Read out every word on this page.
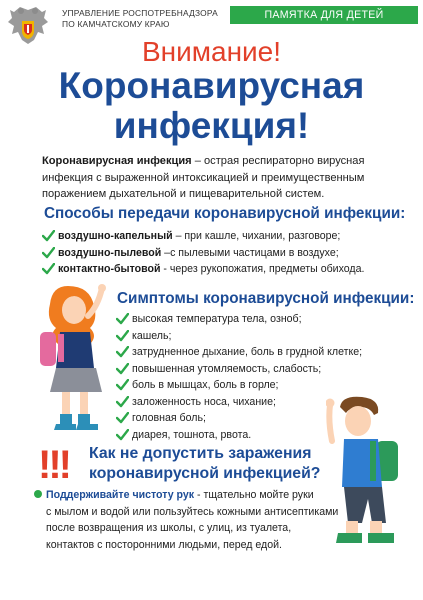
УПРАВЛЕНИЕ РОСПОТРЕБНАДЗОРА
ПО КАМЧАТСКОМУ КРАЮ
ПАМЯТКА ДЛЯ ДЕТЕЙ
Внимание!
Коронавирусная
инфекция!
Коронавирусная инфекция – острая респираторно вирусная
инфекция с выраженной интоксикацией и преимущественным
поражением дыхательной и пищеварительной систем.
Способы передачи коронавирусной инфекции:
воздушно-капельный – при кашле, чихании, разговоре;
воздушно-пылевой –с пылевыми частицами в воздухе;
контактно-бытовой - через рукопожатия, предметы обихода.
Симптомы коронавирусной инфекции:
высокая температура тела, озноб;
кашель;
затрудненное дыхание, боль в грудной клетке;
повышенная утомляемость, слабость;
боль в мышцах, боль в горле;
заложенность носа, чихание;
головная боль;
диарея, тошнота, рвота.
!!! Как не допустить заражения
коронавирусной инфекцией?
Поддерживайте чистоту рук - тщательно мойте руки
с мылом и водой или пользуйтесь кожными антисептиками
после возвращения из школы, с улиц, из туалета,
контактов с посторонними людьми, перед едой.
